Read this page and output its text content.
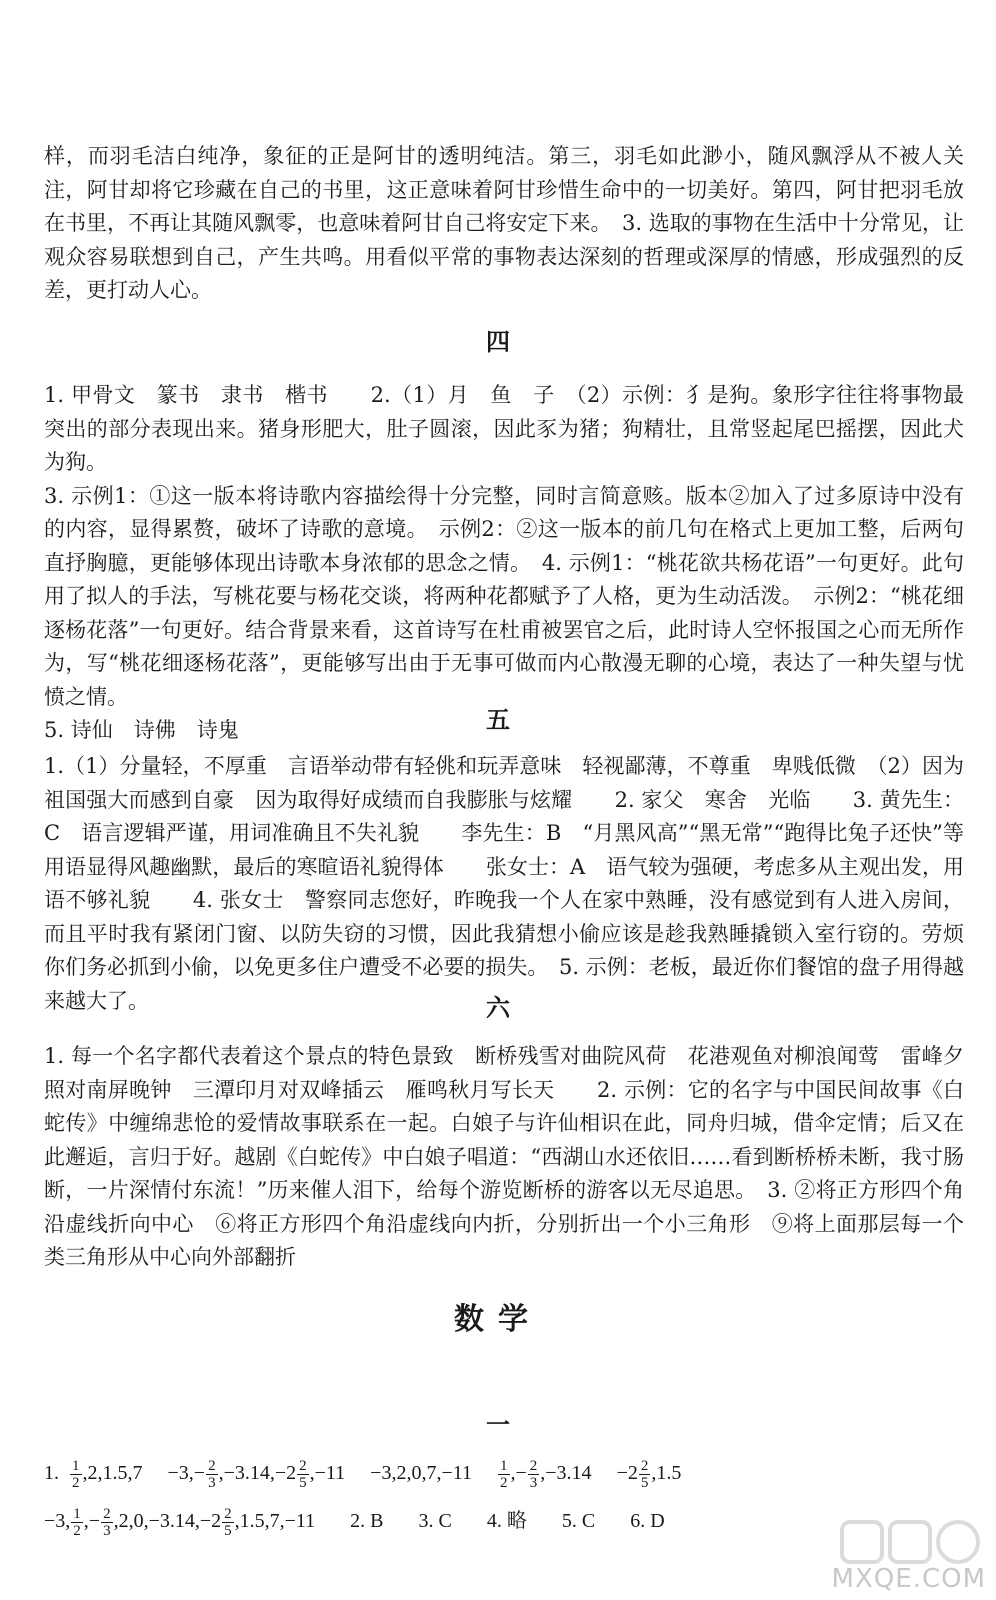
样，而羽毛洁白纯净，象征的正是阿甘的透明纯洁。第三，羽毛如此渺小，随风飘浮从不被人关注，阿甘却将它珍藏在自己的书里，这正意味着阿甘珍惜生命中的一切美好。第四，阿甘把羽毛放在书里，不再让其随风飘零，也意味着阿甘自己将安定下来。　3. 选取的事物在生活中十分常见，让观众容易联想到自己，产生共鸣。用看似平常的事物表达深刻的哲理或深厚的情感，形成强烈的反差，更打动人心。

四

1. 甲骨文　篆书　隶书　楷书　　2.（1）月　鱼　子　（2）示例：犭是狗。象形字往往将事物最突出的部分表现出来。猪身形肥大，肚子圆滚，因此豕为猪；狗精壮，且常竖起尾巴摇摆，因此犬为狗。

3. 示例1：①这一版本将诗歌内容描绘得十分完整，同时言简意赅。版本②加入了过多原诗中没有的内容，显得累赘，破坏了诗歌的意境。　示例2：②这一版本的前几句在格式上更加工整，后两句直抒胸臆，更能够体现出诗歌本身浓郁的思念之情。　4. 示例1：“桃花欲共杨花语”一句更好。此句用了拟人的手法，写桃花要与杨花交谈，将两种花都赋予了人格，更为生动活泼。　示例2：“桃花细逐杨花落”一句更好。结合背景来看，这首诗写在杜甫被罢官之后，此时诗人空怀报国之心而无所作为，写“桃花细逐杨花落”，更能够写出由于无事可做而内心散漫无聊的心境，表达了一种失望与忧愤之情。

5. 诗仙　诗佛　诗鬼	五

1.（1）分量轻，不厚重　言语举动带有轻佻和玩弄意味　轻视鄙薄，不尊重　卑贱低微　（2）因为祖国强大而感到自豪　因为取得好成绩而自我膨胀与炫耀　　2. 家父　寒舍　光临　　3. 黄先生：C　语言逻辑严谨，用词准确且不失礼貌　　李先生：B　“月黑风高”“黑无常”“跑得比兔子还快”等用语显得风趣幽默，最后的寒暄语礼貌得体　　张女士：A　语气较为强硬，考虑多从主观出发，用语不够礼貌　　4. 张女士　警察同志您好，昨晚我一个人在家中熟睡，没有感觉到有人进入房间，而且平时我有紧闭门窗、以防失窃的习惯，因此我猜想小偷应该是趁我熟睡撬锁入室行窃的。劳烦你们务必抓到小偷，以免更多住户遭受不必要的损失。　5. 示例：老板，最近你们餐馆的盘子用得越来越大了。	六

1. 每一个名字都代表着这个景点的特色景致　断桥残雪对曲院风荷　花港观鱼对柳浪闻莺　雷峰夕照对南屏晚钟　三潭印月对双峰插云　雁鸣秋月写长天　　2. 示例：它的名字与中国民间故事《白蛇传》中缠绵悲怆的爱情故事联系在一起。白娘子与许仙相识在此，同舟归城，借伞定情；后又在此邂逅，言归于好。越剧《白蛇传》中白娘子唱道：“西湖山水还依旧……看到断桥桥未断，我寸肠断，一片深情付东流！”历来催人泪下，给每个游览断桥的游客以无尽追思。　3. ②将正方形四个角沿虚线折向中心　⑥将正方形四个角沿虚线向内折，分别折出一个小三角形　⑨将上面那层每一个类三角形从中心向外部翻折

数学
一
1. $\frac{1}{2} ,2,1.5,7 -3,- \frac{2}{3} ,-3.14,-2 \frac{2}{5} ,-11 -3,2,0,7,-11 \frac{1}{2}$ ,− $\frac{2}{3} ,-3.14 -2 \frac{2}{5} ,1.5$
−3, $\frac{1}{2}$ ,− $\frac{2}{3} ,2,0,-3.14,-2 \frac{2}{5} ,1.5,7,-11$ 2. B 3. C 4. 略 5. C 6. D
MXQE.COM
